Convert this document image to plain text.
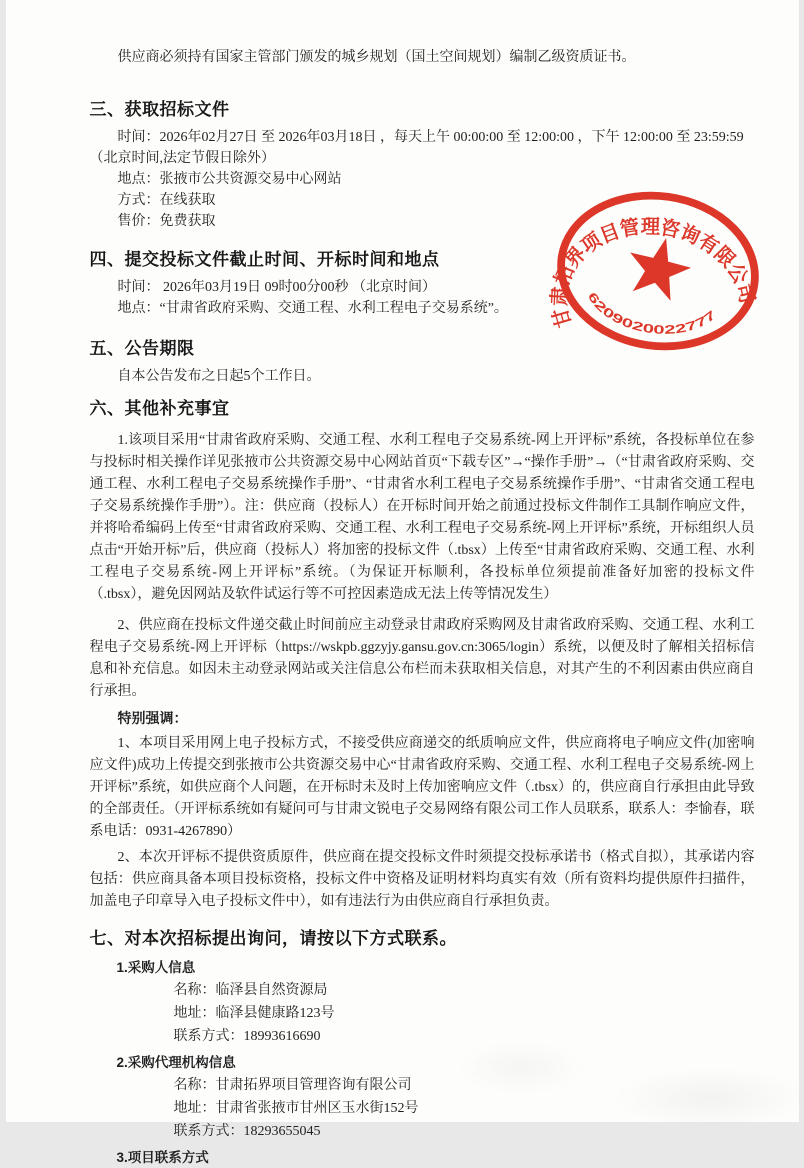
供应商必须持有国家主管部门颁发的城乡规划（国土空间规划）编制乙级资质证书。
三、获取招标文件
时间：2026年02月27日 至 2026年03月18日 ，每天上午 00:00:00 至 12:00:00 ，下午 12:00:00 至 23:59:59
（北京时间,法定节假日除外）
地点：张掖市公共资源交易中心网站
方式：在线获取
售价：免费获取
四、提交投标文件截止时间、开标时间和地点
时间： 2026年03月19日 09时00分00秒 （北京时间）
地点：“甘肃省政府采购、交通工程、水利工程电子交易系统”。
五、公告期限
自本公告发布之日起5个工作日。
六、其他补充事宜

1.该项目采用“甘肃省政府采购、交通工程、水利工程电子交易系统-网上开评标”系统，各投标单位在参与投标时相关操作详见张掖市公共资源交易中心网站首页“下载专区”→“操作手册”→（“甘肃省政府采购、交通工程、水利工程电子交易系统操作手册”、“甘肃省水利工程电子交易系统操作手册”、“甘肃省交通工程电子交易系统操作手册”）。注：供应商（投标人）在开标时间开始之前通过投标文件制作工具制作响应文件，并将哈希编码上传至“甘肃省政府采购、交通工程、水利工程电子交易系统-网上开评标”系统，开标组织人员点击“开始开标”后，供应商（投标人）将加密的投标文件（.tbsx）上传至“甘肃省政府采购、交通工程、水利工程电子交易系统-网上开评标”系统。（为保证开标顺利，各投标单位须提前准备好加密的投标文件（.tbsx），避免因网站及软件试运行等不可控因素造成无法上传等情况发生）

2、供应商在投标文件递交截止时间前应主动登录甘肃政府采购网及甘肃省政府采购、交通工程、水利工程电子交易系统-网上开评标（https://wskpb.ggzyjy.gansu.gov.cn:3065/login）系统，以便及时了解相关招标信息和补充信息。如因未主动登录网站或关注信息公布栏而未获取相关信息，对其产生的不利因素由供应商自行承担。

特别强调：

1、本项目采用网上电子投标方式，不接受供应商递交的纸质响应文件，供应商将电子响应文件(加密响应文件)成功上传提交到张掖市公共资源交易中心“甘肃省政府采购、交通工程、水利工程电子交易系统-网上开评标”系统，如供应商个人问题，在开标时未及时上传加密响应文件（.tbsx）的，供应商自行承担由此导致的全部责任。（开评标系统如有疑问可与甘肃文锐电子交易网络有限公司工作人员联系，联系人：李愉春，联系电话：0931-4267890）

2、本次开评标不提供资质原件，供应商在提交投标文件时须提交投标承诺书（格式自拟），其承诺内容包括：供应商具备本项目投标资格，投标文件中资格及证明材料均真实有效（所有资料均提供原件扫描件，加盖电子印章导入电子投标文件中），如有违法行为由供应商自行承担负责。

七、对本次招标提出询问，请按以下方式联系。
1.采购人信息
名称：临泽县自然资源局
地址：临泽县健康路123号
联系方式：18993616690
2.采购代理机构信息
名称：甘肃拓界项目管理咨询有限公司
地址：甘肃省张掖市甘州区玉水街152号
联系方式：18293655045
3.项目联系方式
甘肃拓界项目管理咨询有限公司
6209020022777
